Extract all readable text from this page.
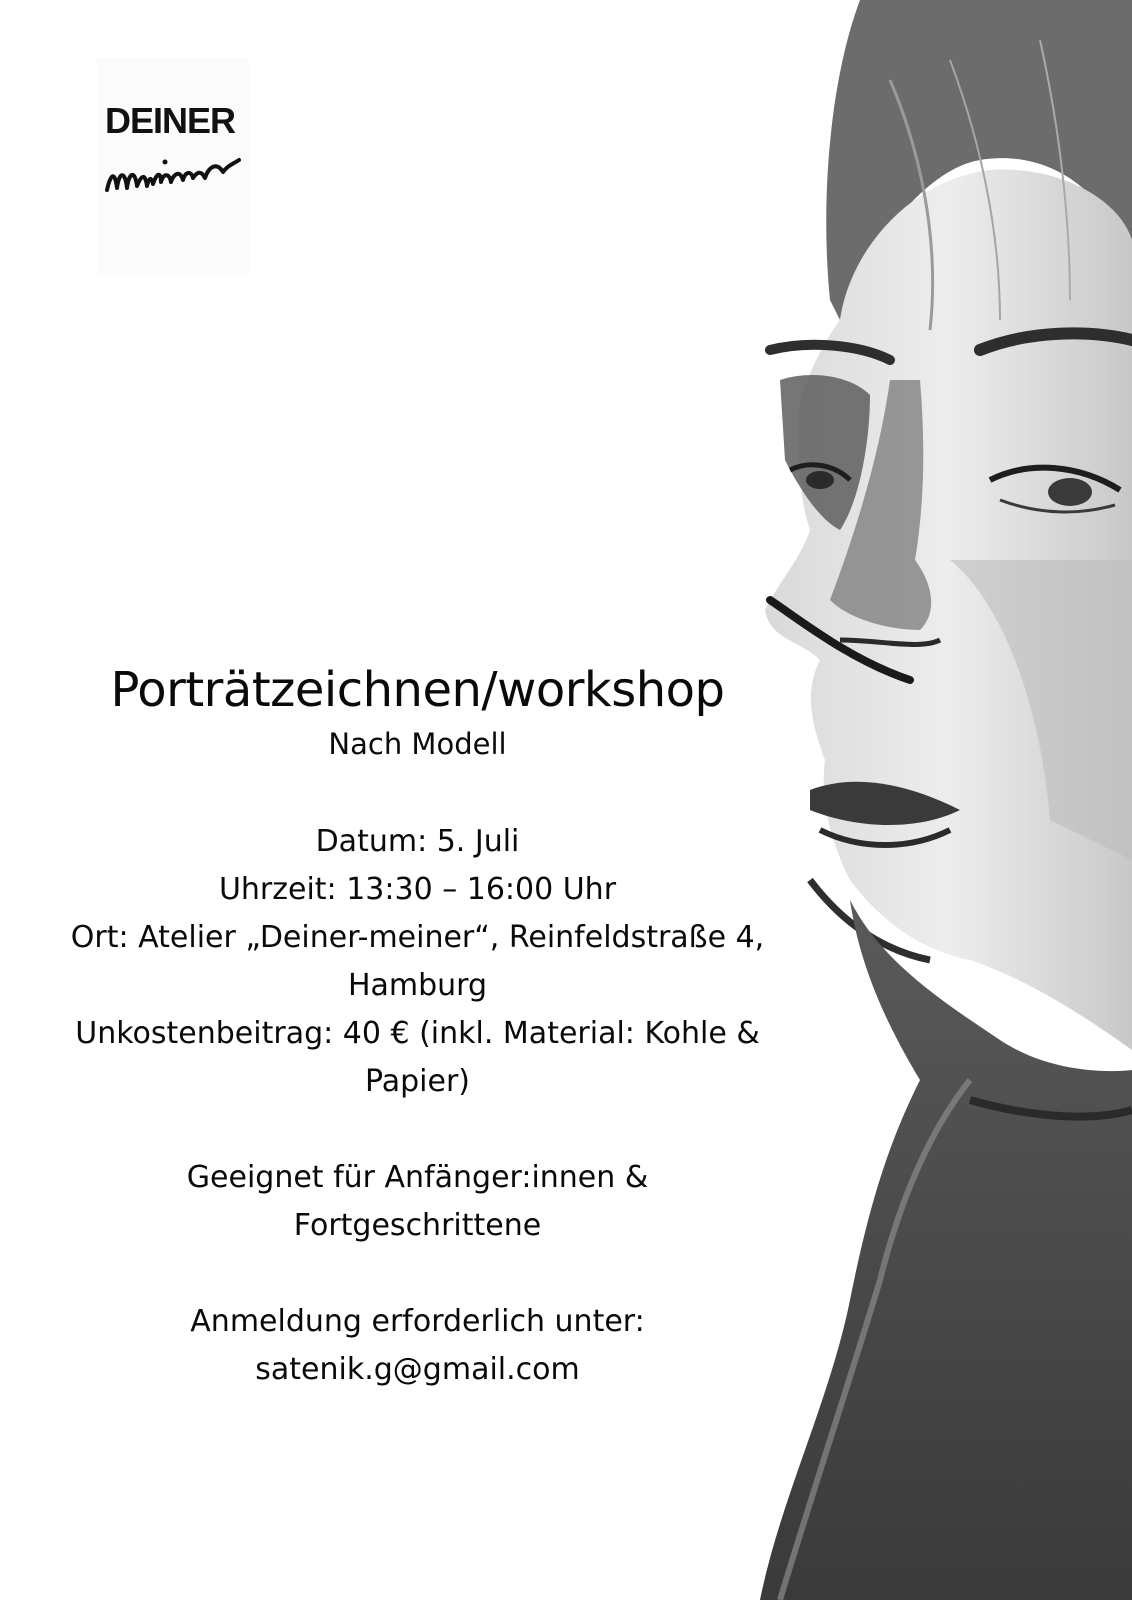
DEINER
Porträtzeichnen/workshop
Nach Modell
Datum: 5. Juli
Uhrzeit: 13:30 – 16:00 Uhr
Ort: Atelier „Deiner-meiner“, Reinfeldstraße 4,
Hamburg
Unkostenbeitrag: 40 € (inkl. Material: Kohle &
Papier)
Geeignet für Anfänger:innen &
Fortgeschrittene
Anmeldung erforderlich unter:
satenik.g@gmail.com
